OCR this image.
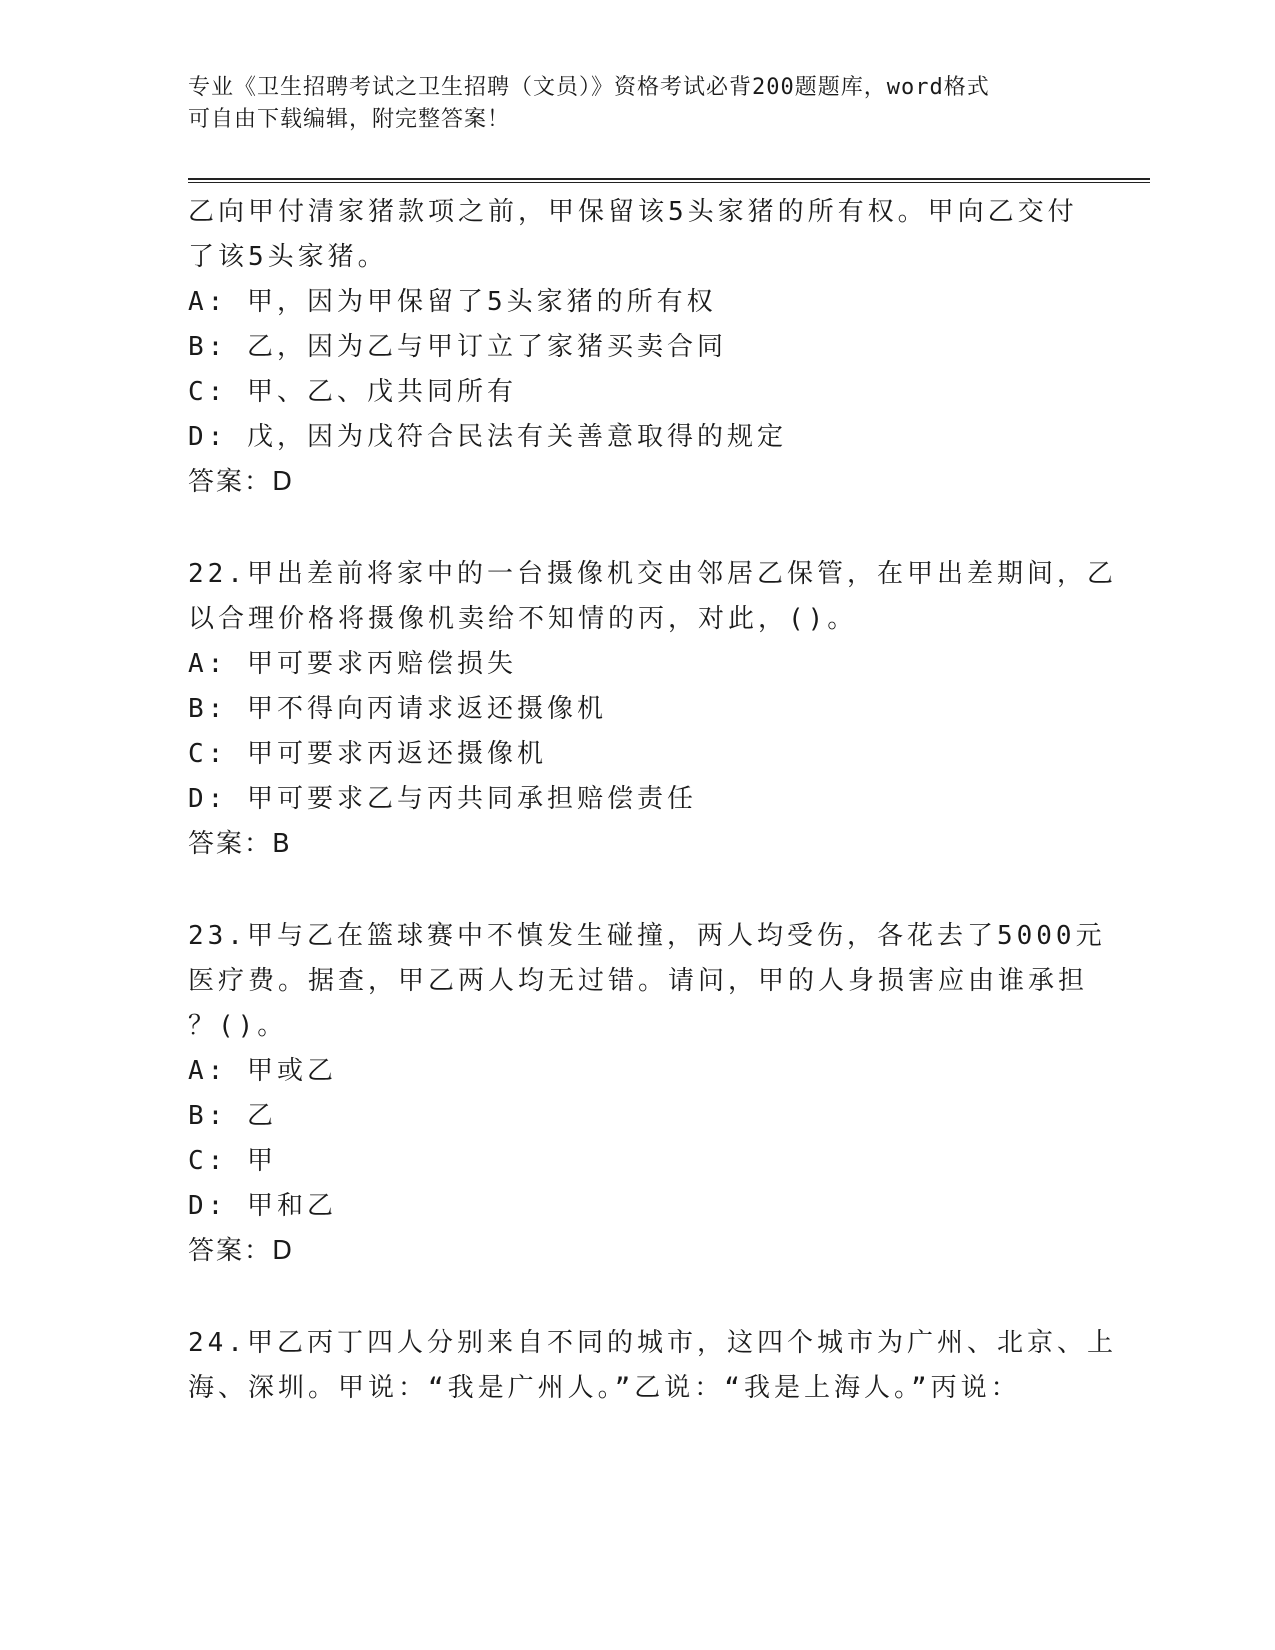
专业《卫生招聘考试之卫生招聘（文员）》资格考试必背200题题库，word格式
可自由下载编辑，附完整答案！
乙向甲付清家猪款项之前，甲保留该5头家猪的所有权。甲向乙交付
了该5头家猪。
A: 甲，因为甲保留了5头家猪的所有权
B: 乙，因为乙与甲订立了家猪买卖合同
C: 甲、乙、戊共同所有
D: 戊，因为戊符合民法有关善意取得的规定
答案：D
22.甲出差前将家中的一台摄像机交由邻居乙保管，在甲出差期间，乙
以合理价格将摄像机卖给不知情的丙，对此，()。
A: 甲可要求丙赔偿损失
B: 甲不得向丙请求返还摄像机
C: 甲可要求丙返还摄像机
D: 甲可要求乙与丙共同承担赔偿责任
答案：B
23.甲与乙在篮球赛中不慎发生碰撞，两人均受伤，各花去了5000元
医疗费。据查，甲乙两人均无过错。请问，甲的人身损害应由谁承担
？()。
A: 甲或乙
B: 乙
C: 甲
D: 甲和乙
答案：D
24.甲乙丙丁四人分别来自不同的城市，这四个城市为广州、北京、上
海、深圳。甲说：“我是广州人。”乙说：“我是上海人。”丙说：
